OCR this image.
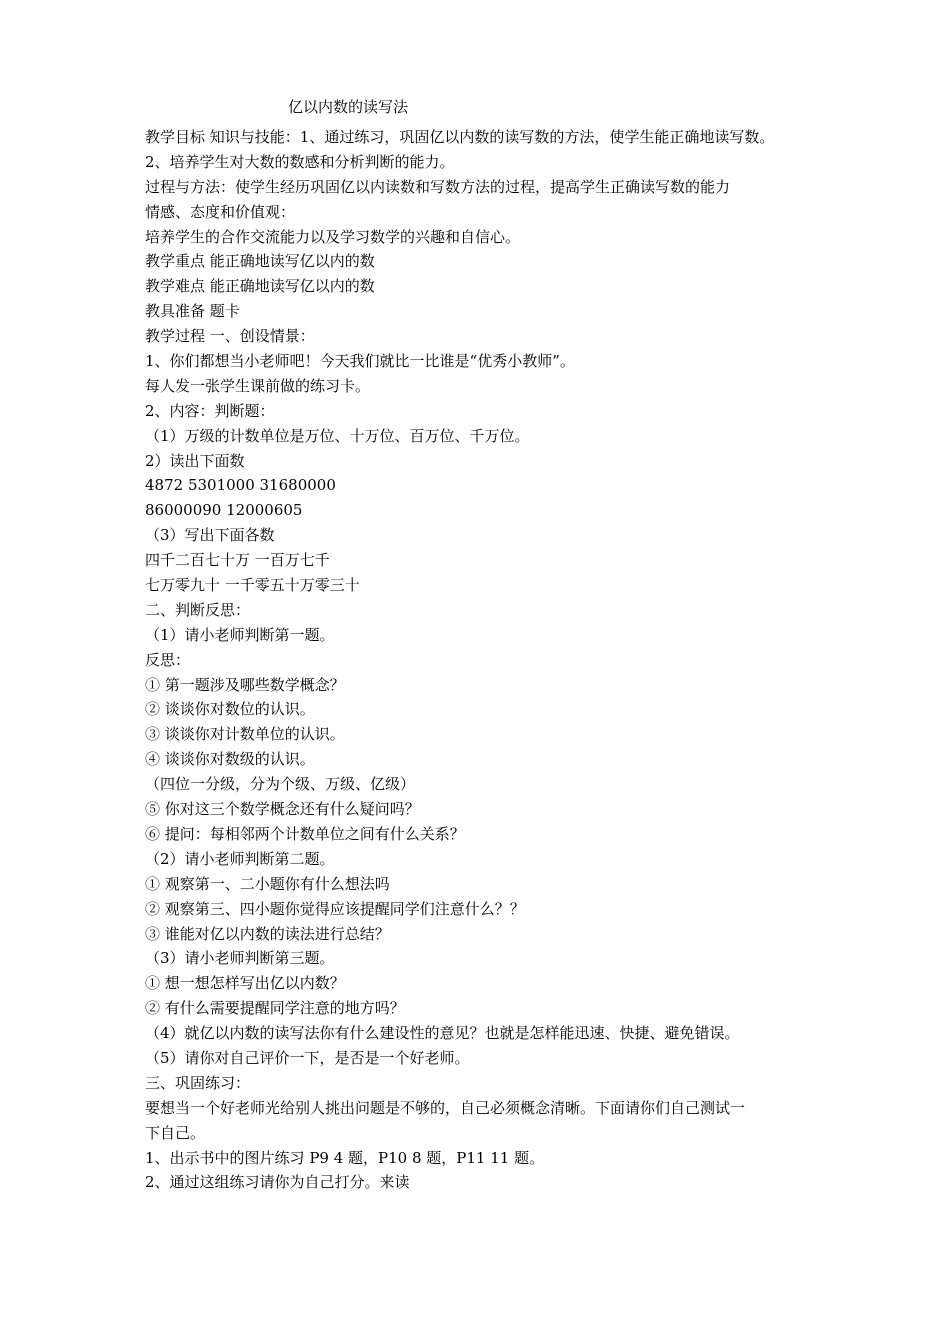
亿以内数的读写法
教学目标 知识与技能：1、通过练习，巩固亿以内数的读写数的方法，使学生能正确地读写数。
2、培养学生对大数的数感和分析判断的能力。
过程与方法：使学生经历巩固亿以内读数和写数方法的过程，提高学生正确读写数的能力
情感、态度和价值观：
培养学生的合作交流能力以及学习数学的兴趣和自信心。
教学重点 能正确地读写亿以内的数
教学难点 能正确地读写亿以内的数
教具准备 题卡
教学过程 一、创设情景：
1、你们都想当小老师吧！今天我们就比一比谁是“优秀小教师”。
每人发一张学生课前做的练习卡。
2、内容：判断题：
（1）万级的计数单位是万位、十万位、百万位、千万位。
2）读出下面数
4872 5301000 31680000
86000090 12000605
（3）写出下面各数
四千二百七十万 一百万七千
七万零九十 一千零五十万零三十
二、判断反思：
（1）请小老师判断第一题。
反思：
① 第一题涉及哪些数学概念？
② 谈谈你对数位的认识。
③ 谈谈你对计数单位的认识。
④ 谈谈你对数级的认识。
（四位一分级，分为个级、万级、亿级）
⑤ 你对这三个数学概念还有什么疑问吗？
⑥ 提问：每相邻两个计数单位之间有什么关系？
（2）请小老师判断第二题。
① 观察第一、二小题你有什么想法吗
② 观察第三、四小题你觉得应该提醒同学们注意什么？？
③ 谁能对亿以内数的读法进行总结？
（3）请小老师判断第三题。
① 想一想怎样写出亿以内数？
② 有什么需要提醒同学注意的地方吗？
（4）就亿以内数的读写法你有什么建设性的意见？也就是怎样能迅速、快捷、避免错误。
（5）请你对自己评价一下，是否是一个好老师。
三、巩固练习：
要想当一个好老师光给别人挑出问题是不够的，自己必须概念清晰。下面请你们自己测试一
下自己。
1、出示书中的图片练习 P9 4 题，P10 8 题，P11 11 题。
2、通过这组练习请你为自己打分。来读
